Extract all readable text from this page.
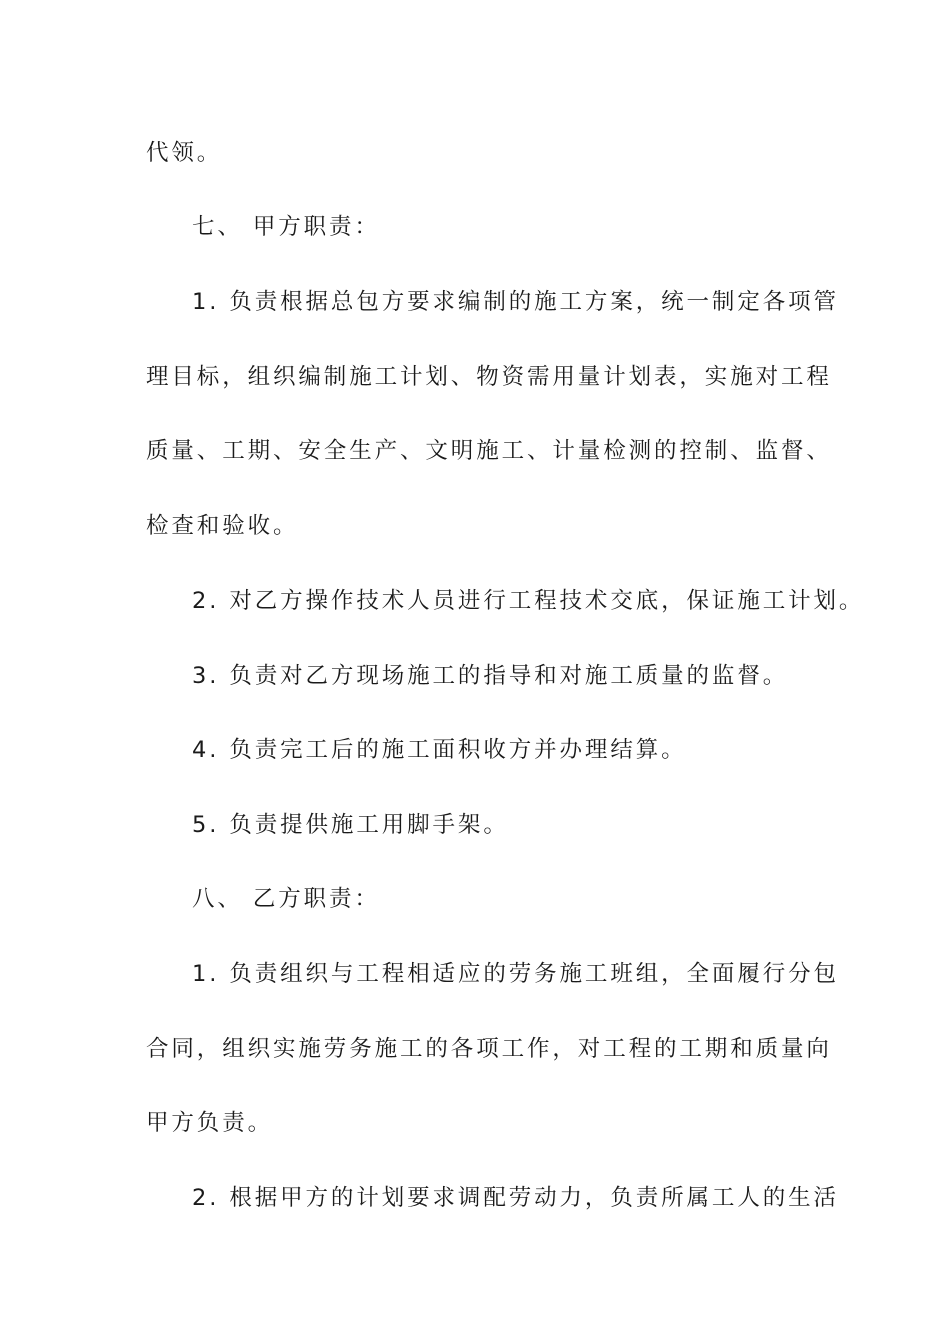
代领。
七、 甲方职责：
1. 负责根据总包方要求编制的施工方案，统一制定各项管
理目标，组织编制施工计划、物资需用量计划表，实施对工程
质量、工期、安全生产、文明施工、计量检测的控制、监督、
检查和验收。
2. 对乙方操作技术人员进行工程技术交底，保证施工计划。
3. 负责对乙方现场施工的指导和对施工质量的监督。
4. 负责完工后的施工面积收方并办理结算。
5. 负责提供施工用脚手架。
八、 乙方职责：
1. 负责组织与工程相适应的劳务施工班组，全面履行分包
合同，组织实施劳务施工的各项工作，对工程的工期和质量向
甲方负责。
2. 根据甲方的计划要求调配劳动力，负责所属工人的生活
